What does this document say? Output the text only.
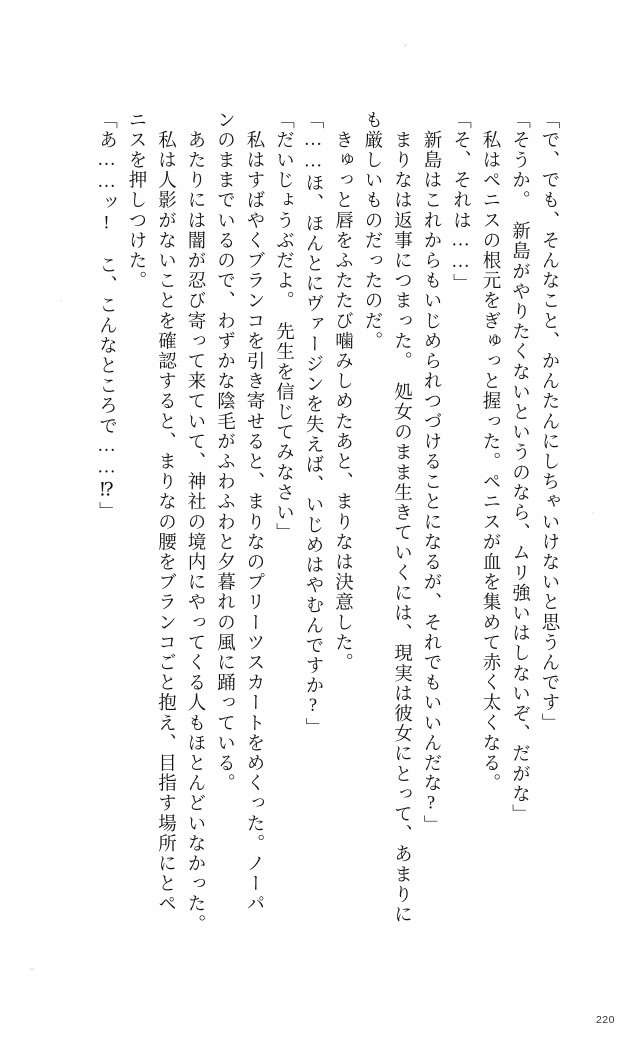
「で、でも、そんなこと、かんたんにしちゃいけないと思うんです」
「そうか。　新島がやりたくないというのなら、ムリ強いはしないぞ、だがな」
　私はペニスの根元をぎゅっと握った。ペニスが血を集めて赤く太くなる。
「そ、それは……」
　新島はこれからもいじめられつづけることになるが、それでもいいんだな?」
　まりなは返事につまった。　処女のまま生きていくには、現実は彼女にとって、あまりに
も厳しいものだったのだ。
　きゅっと唇をふたたび噛みしめたあと、まりなは決意した。
「……ほ、ほんとにヴァージンを失えば、いじめはやむんですか?」
「だいじょうぶだよ。　先生を信じてみなさい」
　私はすばやくブランコを引き寄せると、まりなのプリーツスカートをめくった。ノーパ
ンのままでいるので、わずかな陰毛がふわふわと夕暮れの風に踊っている。
　あたりには闇が忍び寄って来ていて、神社の境内にやってくる人もほとんどいなかった。
　私は人影がないことを確認すると、まりなの腰をブランコごと抱え、目指す場所にとペ
ニスを押しつけた。
「あ……ッ!　こ、こんなところで……⁉」
220
